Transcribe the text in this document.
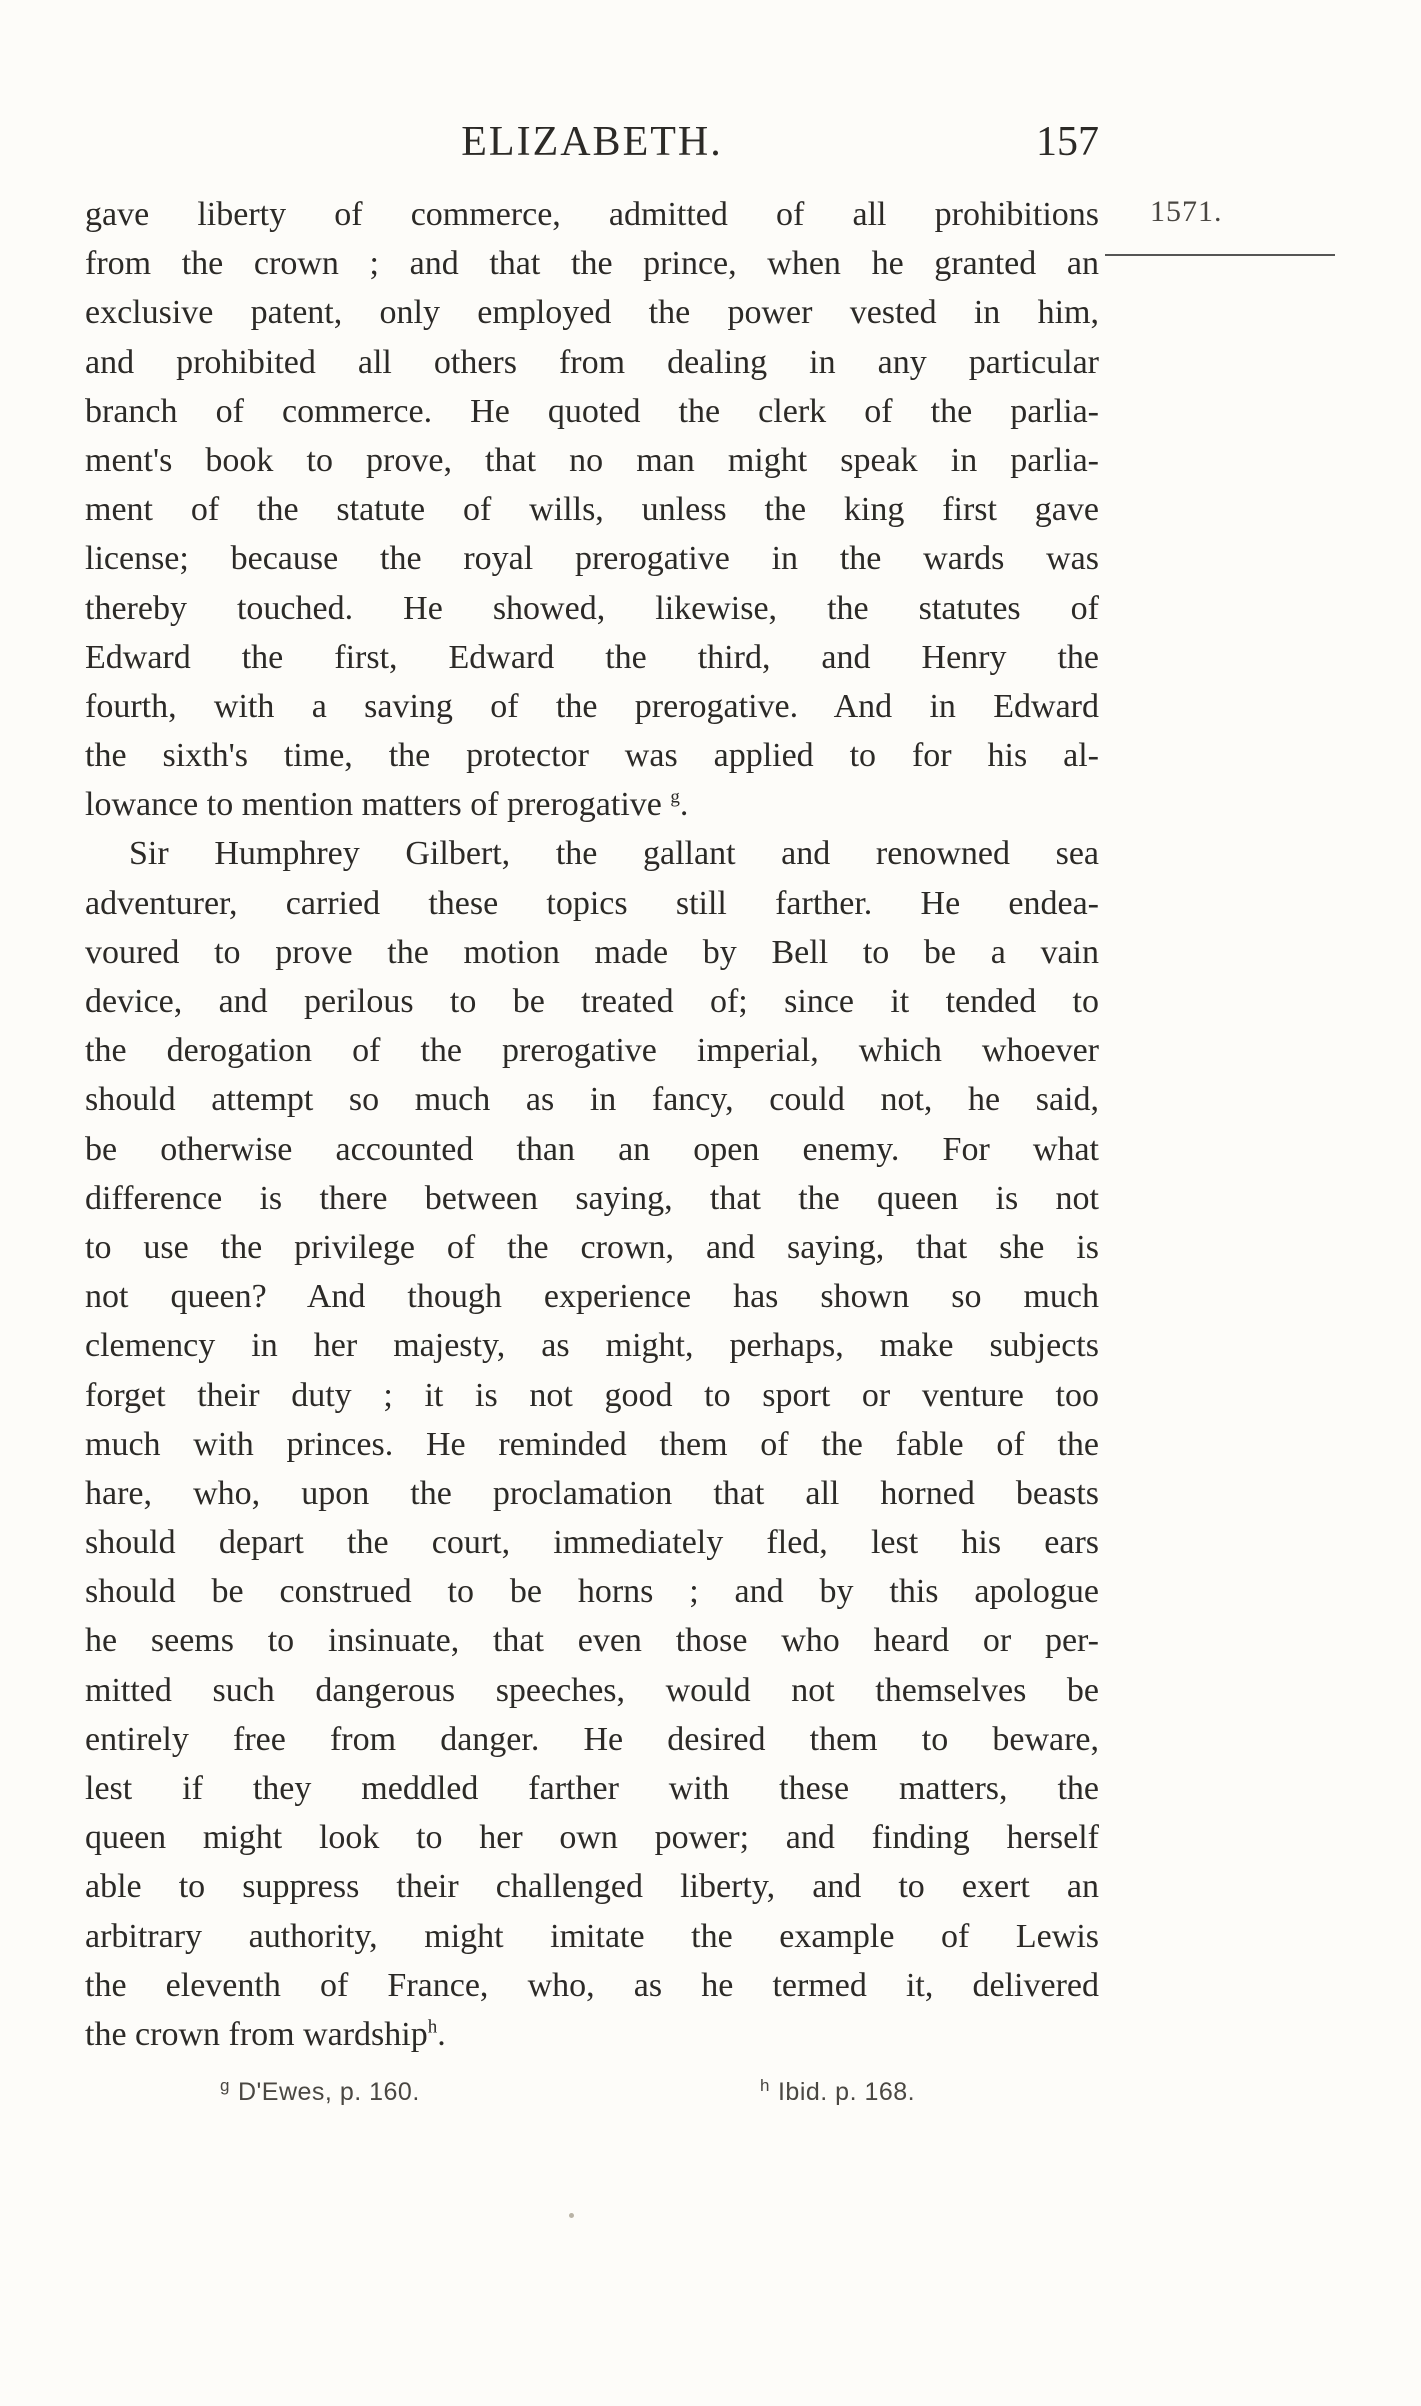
ELIZABETH.	157
1571.
gave liberty of commerce, admitted of all prohibitions
from the crown ; and that the prince, when he granted an
exclusive patent, only employed the power vested in him,
and prohibited all others from dealing in any particular
branch of commerce. He quoted the clerk of the parlia-
ment's book to prove, that no man might speak in parlia-
ment of the statute of wills, unless the king first gave
license; because the royal prerogative in the wards was
thereby touched. He showed, likewise, the statutes of
Edward the first, Edward the third, and Henry the
fourth, with a saving of the prerogative. And in Edward
the sixth's time, the protector was applied to for his al-
lowance to mention matters of prerogative $^g$.
Sir Humphrey Gilbert, the gallant and renowned sea
adventurer, carried these topics still farther. He endea-
voured to prove the motion made by Bell to be a vain
device, and perilous to be treated of; since it tended to
the derogation of the prerogative imperial, which whoever
should attempt so much as in fancy, could not, he said,
be otherwise accounted than an open enemy. For what
difference is there between saying, that the queen is not
to use the privilege of the crown, and saying, that she is
not queen? And though experience has shown so much
clemency in her majesty, as might, perhaps, make subjects
forget their duty ; it is not good to sport or venture too
much with princes. He reminded them of the fable of the
hare, who, upon the proclamation that all horned beasts
should depart the court, immediately fled, lest his ears
should be construed to be horns ; and by this apologue
he seems to insinuate, that even those who heard or per-
mitted such dangerous speeches, would not themselves be
entirely free from danger. He desired them to beware,
lest if they meddled farther with these matters, the
queen might look to her own power; and finding herself
able to suppress their challenged liberty, and to exert an
arbitrary authority, might imitate the example of Lewis
the eleventh of France, who, as he termed it, delivered
the crown from wardship$^h$.
$^g$ D'Ewes, p. 160.	$^h$ Ibid. p. 168.
